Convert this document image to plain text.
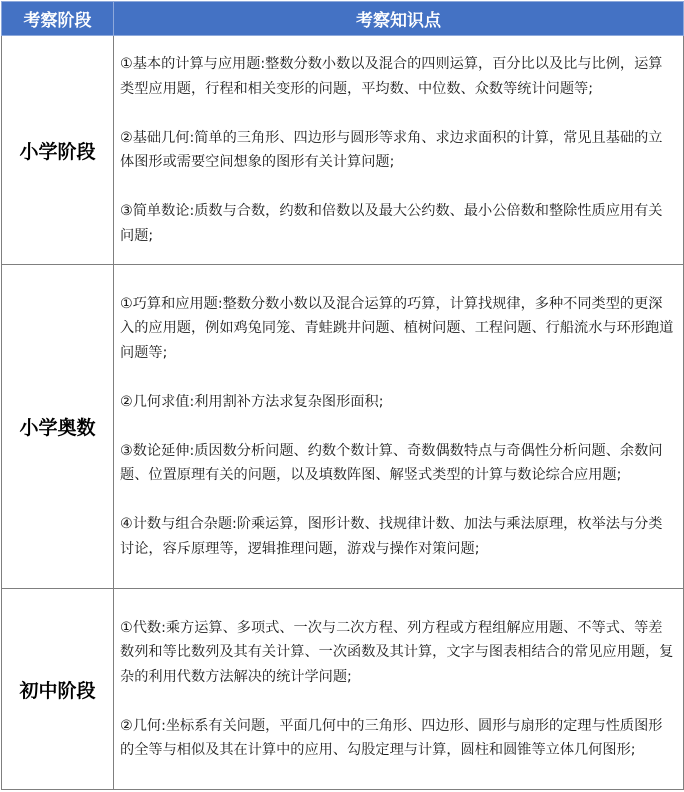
考察阶段	考察知识点
小学阶段	①基本的计算与应用题:整数分数小数以及混合的四则运算，百分比以及比与比例，运算类型应用题，行程和相关变形的问题，平均数、中位数、众数等统计问题等;
②基础几何:简单的三角形、四边形与圆形等求角、求边求面积的计算，常见且基础的立体图形或需要空间想象的图形有关计算问题;
③简单数论:质数与合数，约数和倍数以及最大公约数、最小公倍数和整除性质应用有关问题;

小学奥数	①巧算和应用题:整数分数小数以及混合运算的巧算，计算找规律，多种不同类型的更深入的应用题，例如鸡兔同笼、青蛙跳井问题、植树问题、工程问题、行船流水与环形跑道问题等;
②几何求值:利用割补方法求复杂图形面积;
③数论延伸:质因数分析问题、约数个数计算、奇数偶数特点与奇偶性分析问题、余数问题、位置原理有关的问题，以及填数阵图、解竖式类型的计算与数论综合应用题;
④计数与组合杂题:阶乘运算，图形计数、找规律计数、加法与乘法原理，枚举法与分类讨论，容斥原理等，逻辑推理问题，游戏与操作对策问题;

初中阶段	①代数:乘方运算、多项式、一次与二次方程、列方程或方程组解应用题、不等式、等差数列和等比数列及其有关计算、一次函数及其计算，文字与图表相结合的常见应用题，复杂的利用代数方法解决的统计学问题;
②几何:坐标系有关问题，平面几何中的三角形、四边形、圆形与扇形的定理与性质图形的全等与相似及其在计算中的应用、勾股定理与计算，圆柱和圆锥等立体几何图形;
